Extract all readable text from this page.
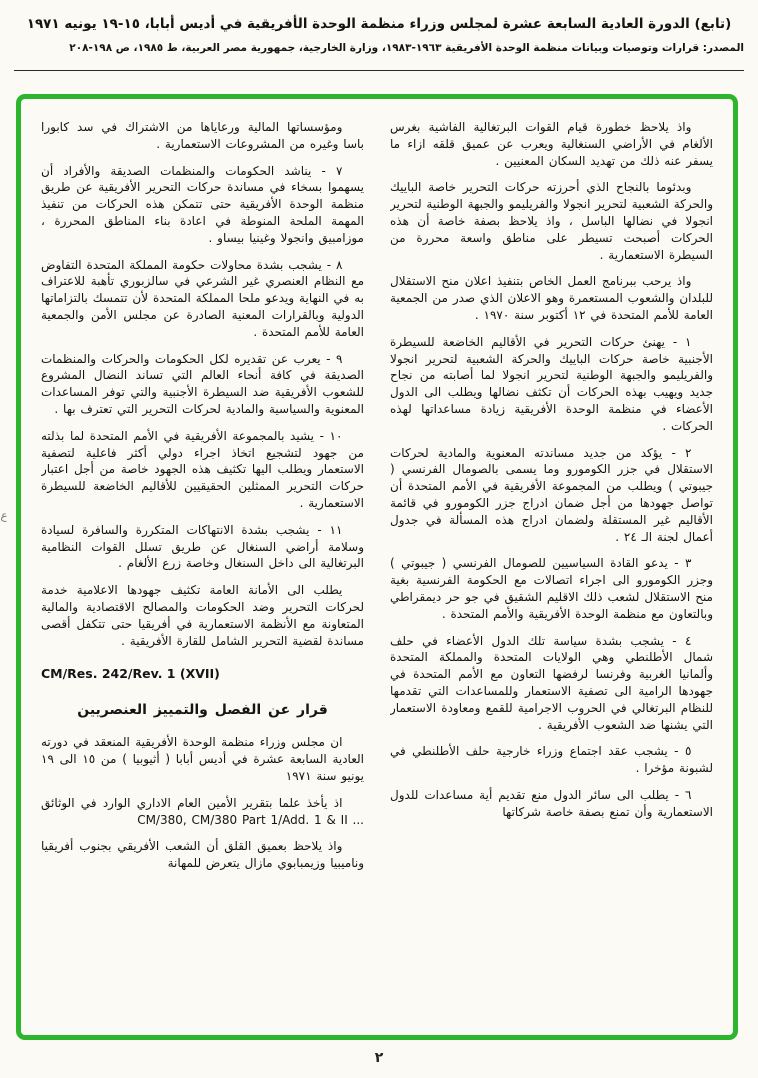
(تابع) الدورة العادية السابعة عشرة لمجلس وزراء منظمة الوحدة الأفريقية في أديس أبابا، ١٥-١٩ يونيه ١٩٧١
المصدر: قرارات وتوصيات وبيانات منظمة الوحدة الأفريقية ١٩٦٣-١٩٨٣، وزارة الخارجية، جمهورية مصر العربية، ط ١٩٨٥، ص ١٩٨-٢٠٨
ع

واذ يلاحظ خطورة قيام القوات البرتغالية الفاشية بغرس الألغام في الأراضي السنغالية ويعرب عن عميق قلقه ازاء ما يسفر عنه ذلك من تهديد السكان المعنيين .

وبدئوما بالنجاح الذي أحرزته حركات التحرير خاصة الباييك والحركة الشعبية لتحرير انجولا والفريليمو والجبهة الوطنية لتحرير انجولا في نضالها الباسل ، واذ يلاحظ بصفة خاصة أن هذه الحركات أصبحت تسيطر على مناطق واسعة محررة من السيطرة الاستعمارية .

واذ يرحب ببرنامج العمل الخاص بتنفيذ اعلان منح الاستقلال للبلدان والشعوب المستعمرة وهو الاعلان الذي صدر من الجمعية العامة للأمم المتحدة في ١٢ أكتوبر سنة ١٩٧٠ .

١ - يهنئ حركات التحرير في الأقاليم الخاضعة للسيطرة الأجنبية خاصة حركات الباييك والحركة الشعبية لتحرير انجولا والفريليمو والجبهة الوطنية لتحرير انجولا لما أصابته من نجاح جديد ويهيب بهذه الحركات أن تكثف نضالها ويطلب الى الدول الأعضاء في منظمة الوحدة الأفريقية زيادة مساعداتها لهذه الحركات .

٢ - يؤكد من جديد مساندته المعنوية والمادية لحركات الاستقلال في جزر الكومورو وما يسمى بالصومال الفرنسي ( جيبوتي ) ويطلب من المجموعة الأفريقية في الأمم المتحدة أن تواصل جهودها من أجل ضمان ادراج جزر الكومورو في قائمة الأقاليم غير المستقلة ولضمان ادراج هذه المسألة في جدول أعمال لجنة الـ ٢٤ .

٣ - يدعو القادة السياسيين للصومال الفرنسي ( جيبوتي ) وجزر الكومورو الى اجراء اتصالات مع الحكومة الفرنسية بغية منح الاستقلال لشعب ذلك الاقليم الشقيق في جو حر ديمقراطي وبالتعاون مع منظمة الوحدة الأفريقية والأمم المتحدة .

٤ - يشجب بشدة سياسة تلك الدول الأعضاء في حلف شمال الأطلنطي وهي الولايات المتحدة والمملكة المتحدة وألمانيا الغربية وفرنسا لرفضها التعاون مع الأمم المتحدة في جهودها الرامية الى تصفية الاستعمار وللمساعدات التي تقدمها للنظام البرتغالي في الحروب الاجرامية للقمع ومعاودة الاستعمار التي يشنها ضد الشعوب الأفريقية .

٥ - يشجب عقد اجتماع وزراء خارجية حلف الأطلنطي في لشبونة مؤخرا .

٦ - يطلب الى سائر الدول منع تقديم أية مساعدات للدول الاستعمارية وأن تمنع بصفة خاصة شركاتها

ومؤسساتها المالية ورعاياها من الاشتراك في سد كابورا باسا وغيره من المشروعات الاستعمارية .

٧ - يناشد الحكومات والمنظمات الصديقة والأفراد أن يسهموا بسخاء في مساندة حركات التحرير الأفريقية عن طريق منظمة الوحدة الأفريقية حتى تتمكن هذه الحركات من تنفيذ المهمة الملحة المنوطة في اعادة بناء المناطق المحررة ، موزامبيق وانجولا وغينيا بيساو .

٨ - يشجب بشدة محاولات حكومة المملكة المتحدة التفاوض مع النظام العنصري غير الشرعي في سالزبوري تأهبة للاعتراف به في النهاية ويدعو ملحا المملكة المتحدة لأن تتمسك بالتزاماتها الدولية وبالقرارات المعنية الصادرة عن مجلس الأمن والجمعية العامة للأمم المتحدة .

٩ - يعرب عن تقديره لكل الحكومات والحركات والمنظمات الصديقة في كافة أنحاء العالم التي تساند النضال المشروع للشعوب الأفريقية ضد السيطرة الأجنبية والتي توفر المساعدات المعنوية والسياسية والمادية لحركات التحرير التي تعترف بها .

١٠ - يشيد بالمجموعة الأفريقية في الأمم المتحدة لما بذلته من جهود لتشجيع اتخاذ اجراء دولي أكثر فاعلية لتصفية الاستعمار ويطلب اليها تكثيف هذه الجهود خاصة من أجل اعتبار حركات التحرير الممثلين الحقيقيين للأقاليم الخاضعة للسيطرة الاستعمارية .

١١ - يشجب بشدة الانتهاكات المتكررة والسافرة لسيادة وسلامة أراضي السنغال عن طريق تسلل القوات النظامية البرتغالية الى داخل السنغال وخاصة زرع الألغام .

يطلب الى الأمانة العامة تكثيف جهودها الاعلامية خدمة لحركات التحرير وضد الحكومات والمصالح الاقتصادية والمالية المتعاونة مع الأنظمة الاستعمارية في أفريقيا حتى تتكفل أقصى مساندة لقضية التحرير الشامل للقارة الأفريقية .

CM/Res. 242/Rev. 1 (XVII)
قرار عن الفصل والتمييز العنصريين

ان مجلس وزراء منظمة الوحدة الأفريقية المنعقد في دورته العادية السابعة عشرة في أديس أبابا ( أثيوبيا ) من ١٥ الى ١٩ يونيو سنة ١٩٧١

اذ يأخذ علما بتقرير الأمين العام الاداري الوارد في الوثائق ... CM/380, CM/380 Part 1/Add. 1 & II

واذ يلاحظ بعميق القلق أن الشعب الأفريقي بجنوب أفريقيا وناميبيا وزيمبابوي مازال يتعرض للمهانة

٢
